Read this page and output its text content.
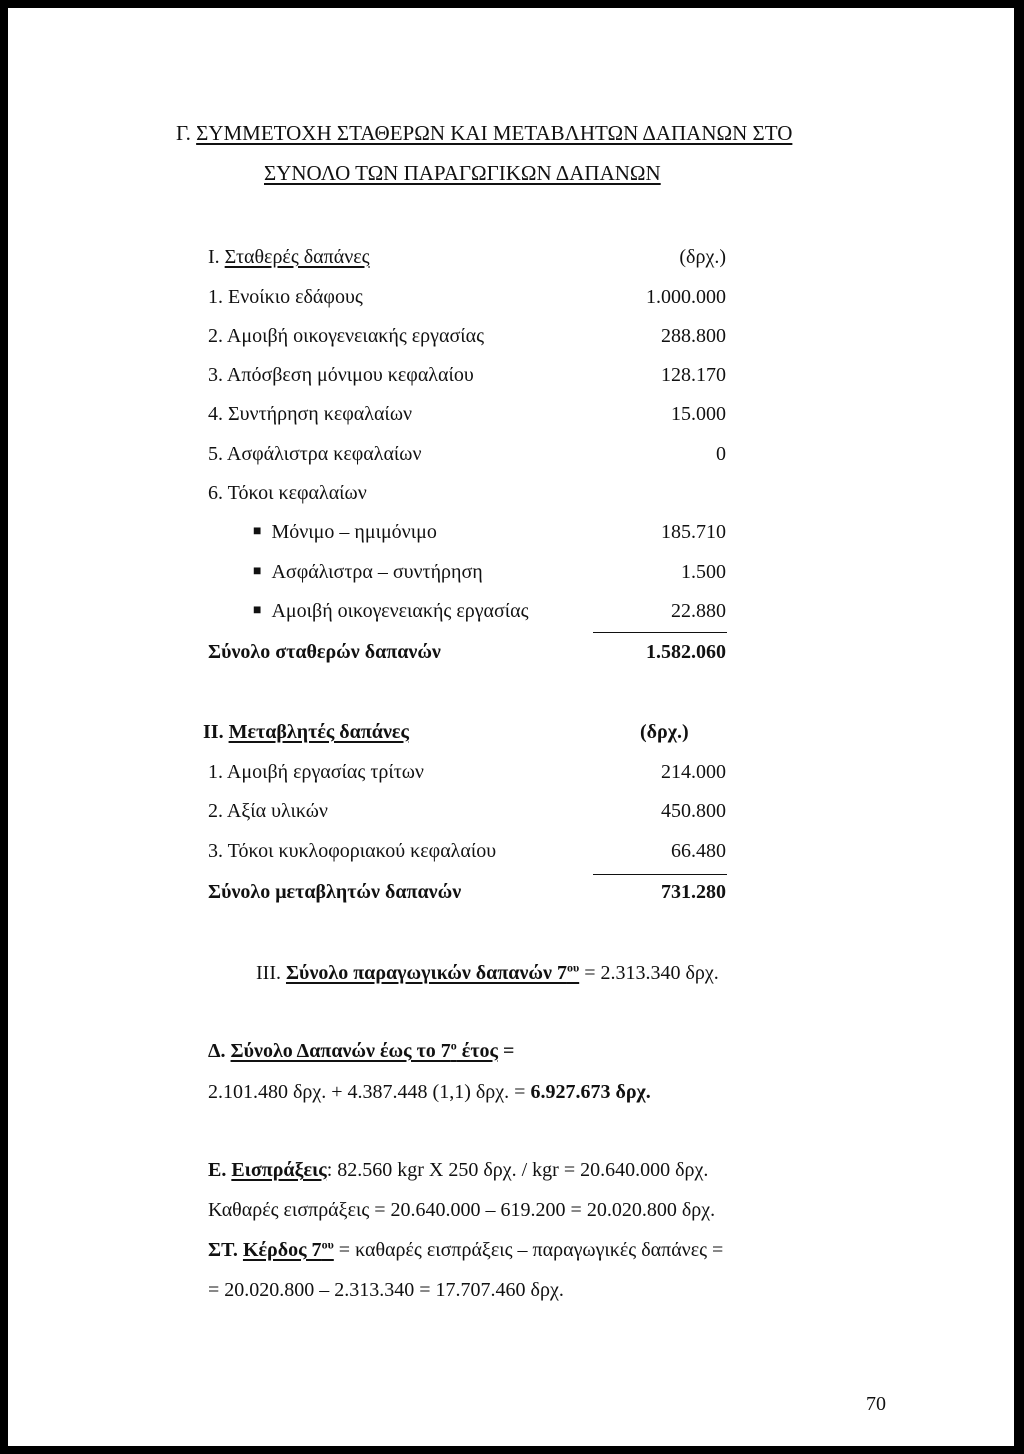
Γ. ΣΥΜΜΕΤΟΧΗ ΣΤΑΘΕΡΩΝ ΚΑΙ ΜΕΤΑΒΛΗΤΩΝ ΔΑΠΑΝΩΝ ΣΤΟ
ΣΥΝΟΛΟ ΤΩΝ ΠΑΡΑΓΩΓΙΚΩΝ ΔΑΠΑΝΩΝ
I. Σταθερές δαπάνες	(δρχ.)
1. Ενοίκιο εδάφους	1.000.000
2. Αμοιβή οικογενειακής εργασίας	288.800
3. Απόσβεση μόνιμου κεφαλαίου	128.170
4. Συντήρηση κεφαλαίων	15.000
5. Ασφάλιστρα κεφαλαίων	0
6. Τόκοι κεφαλαίων
■ Μόνιμο – ημιμόνιμο	185.710
■ Ασφάλιστρα – συντήρηση	1.500
■ Αμοιβή οικογενειακής εργασίας	22.880
Σύνολο σταθερών δαπανών	1.582.060
II. Μεταβλητές δαπάνες	(δρχ.)
1. Αμοιβή εργασίας τρίτων	214.000
2. Αξία υλικών	450.800
3. Τόκοι κυκλοφοριακού κεφαλαίου	66.480
Σύνολο μεταβλητών δαπανών	731.280
III. Σύνολο παραγωγικών δαπανών $7^{o\upsilon} = 2.313.340$ δρχ.
Δ. Σύνολο Δαπανών έως το $7^o$ έτος =
2.101.480 δρχ. + 4.387.448 (1,1) δρχ. = 6.927.673 δρχ.
Ε. Εισπράξεις: 82.560 kgr X 250 δρχ. / kgr = 20.640.000 δρχ.
Καθαρές εισπράξεις = 20.640.000 – 619.200 = 20.020.800 δρχ.
ΣΤ. Κέρδος $7^{o\upsilon} = \kappa\alpha\theta\alpha\rho έ\varsigma$ εισπράξεις – παραγωγικές δαπάνες =
= 20.020.800 – 2.313.340 = 17.707.460 δρχ.
70
